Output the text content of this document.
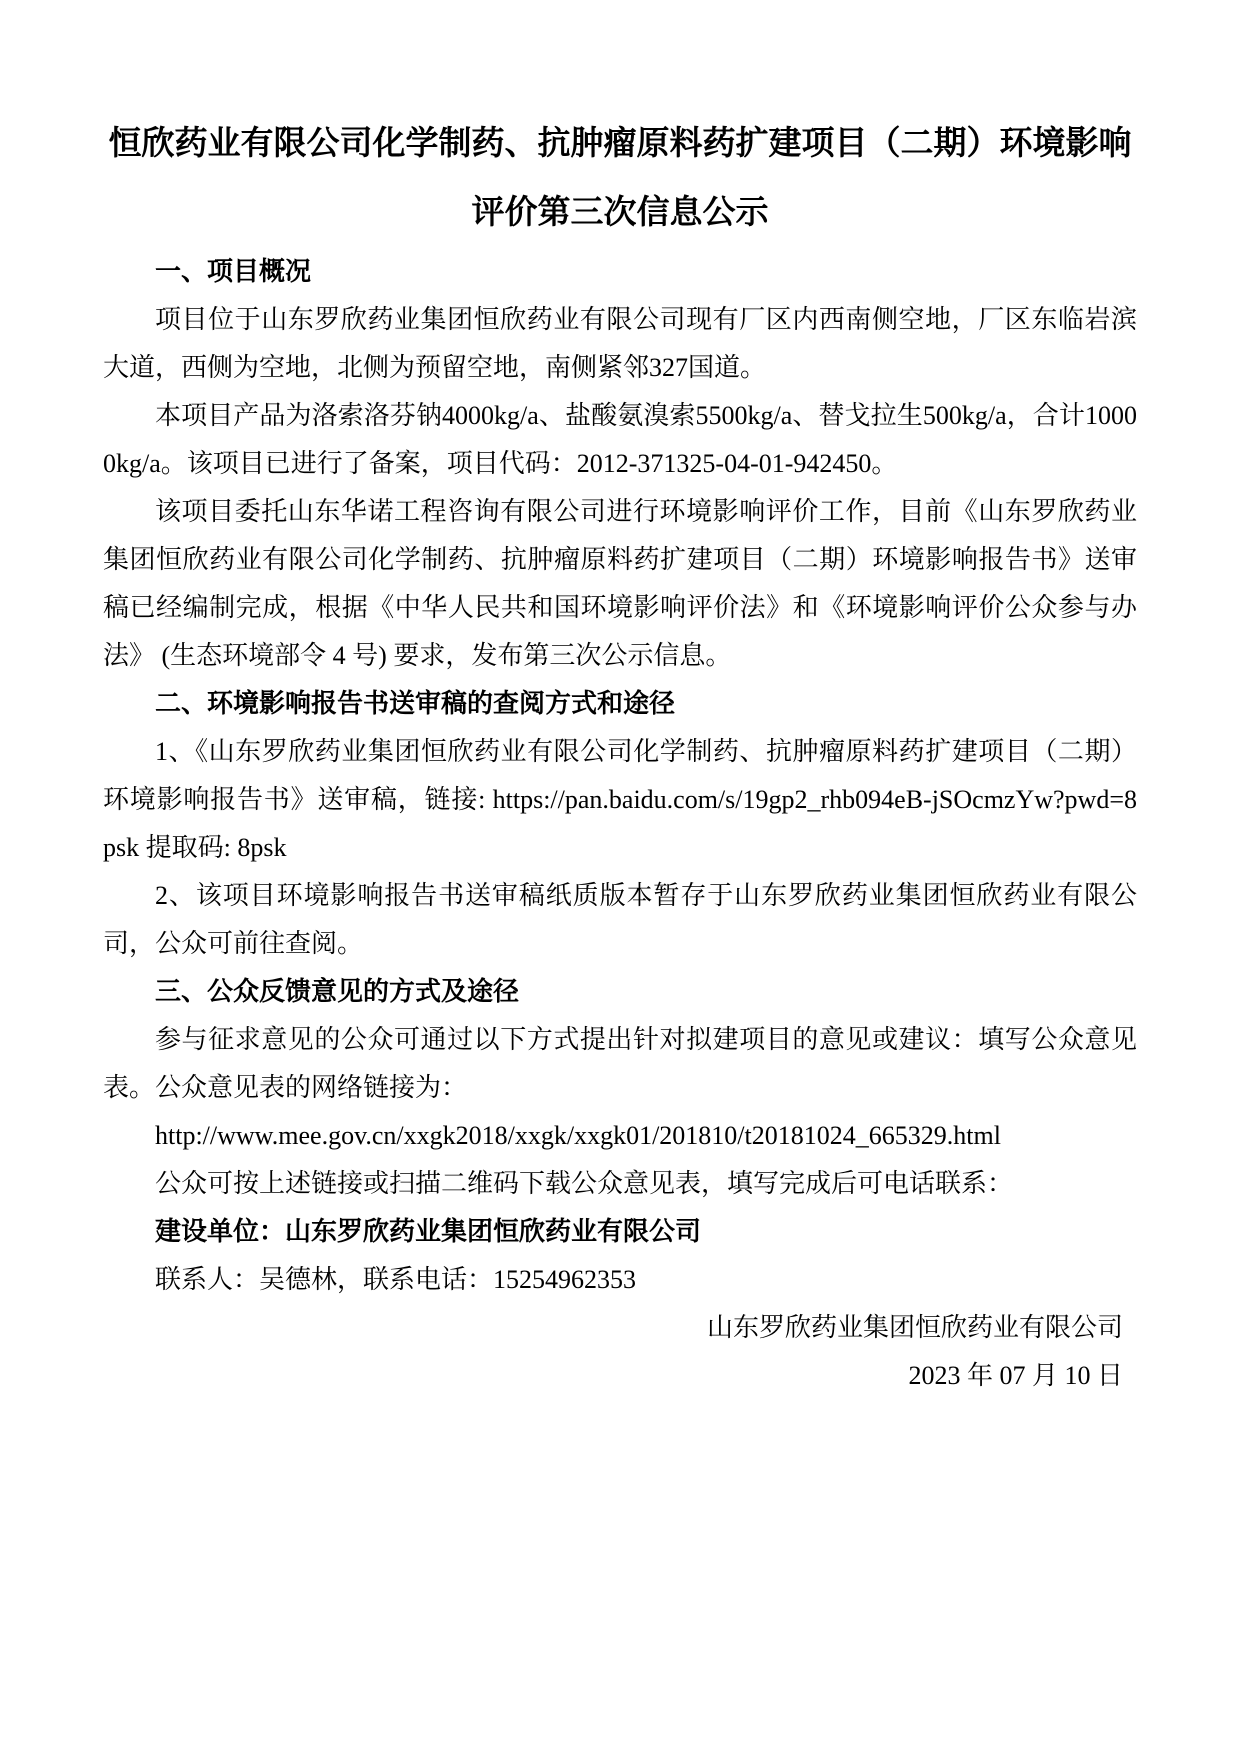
恒欣药业有限公司化学制药、抗肿瘤原料药扩建项目（二期）环境影响评价第三次信息公示

一、项目概况

项目位于山东罗欣药业集团恒欣药业有限公司现有厂区内西南侧空地，厂区东临岩滨大道，西侧为空地，北侧为预留空地，南侧紧邻327国道。

本项目产品为洛索洛芬钠4000kg/a、盐酸氨溴索5500kg/a、替戈拉生500kg/a，合计10000kg/a。该项目已进行了备案，项目代码：2012-371325-04-01-942450。

该项目委托山东华诺工程咨询有限公司进行环境影响评价工作，目前《山东罗欣药业集团恒欣药业有限公司化学制药、抗肿瘤原料药扩建项目（二期）环境影响报告书》送审稿已经编制完成，根据《中华人民共和国环境影响评价法》和《环境影响评价公众参与办法》 (生态环境部令 4 号) 要求，发布第三次公示信息。

二、环境影响报告书送审稿的查阅方式和途径

1、《山东罗欣药业集团恒欣药业有限公司化学制药、抗肿瘤原料药扩建项目（二期）环境影响报告书》送审稿，链接: https://pan.baidu.com/s/19gp2_rhb094eB-jSOcmzYw?pwd=8psk 提取码: 8psk

2、该项目环境影响报告书送审稿纸质版本暂存于山东罗欣药业集团恒欣药业有限公司，公众可前往查阅。

三、公众反馈意见的方式及途径

参与征求意见的公众可通过以下方式提出针对拟建项目的意见或建议：填写公众意见表。公众意见表的网络链接为：

http://www.mee.gov.cn/xxgk2018/xxgk/xxgk01/201810/t20181024_665329.html

公众可按上述链接或扫描二维码下载公众意见表，填写完成后可电话联系：

建设单位：山东罗欣药业集团恒欣药业有限公司

联系人：吴德林，联系电话：15254962353

山东罗欣药业集团恒欣药业有限公司

2023 年 07 月 10 日
